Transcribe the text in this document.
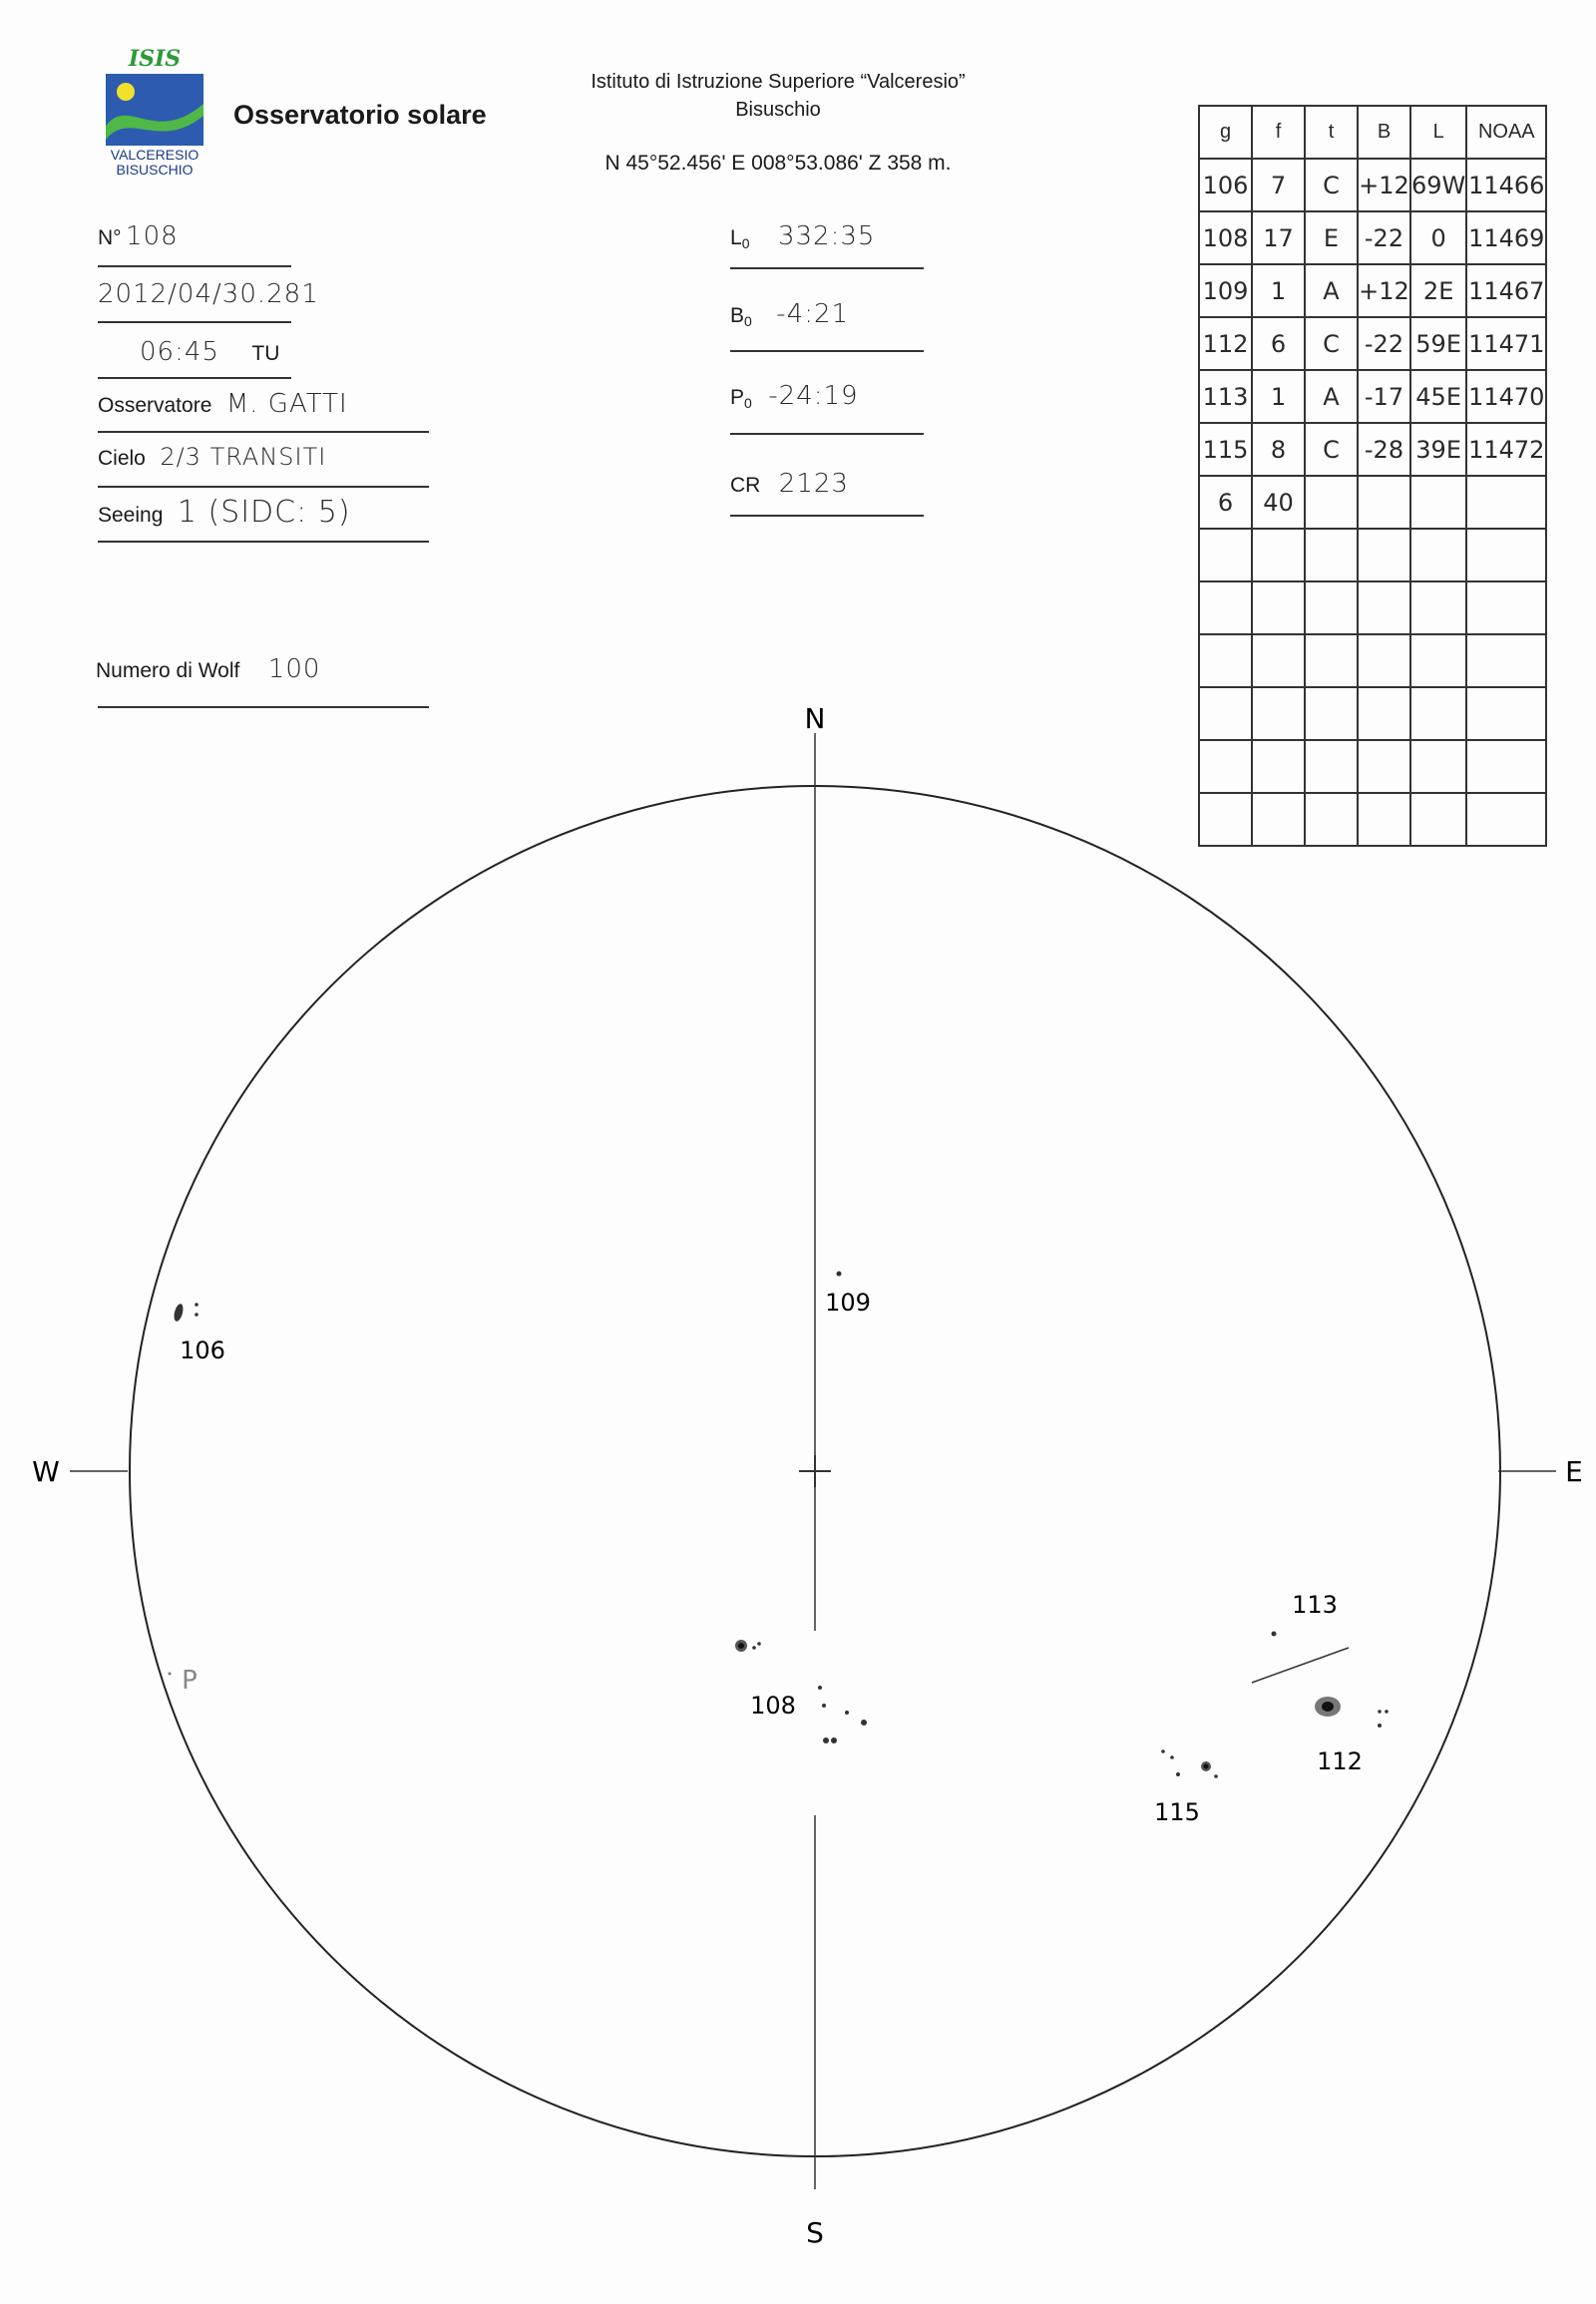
ISIS
VALCERESIO
BISUSCHIO
Osservatorio solare
Istituto di Istruzione Superiore “Valceresio”
Bisuschio
N 45°52.456' E 008°53.086' Z 358 m.
N° 108
2012/04/30.281
06:45 TU
Osservatore M. GATTI
Cielo 2/3 TRANSITI
Seeing 1 (SIDC: 5)
Numero di Wolf 100
$L_0$ 332:35
$B_0$ -4:21
$P_0$ -24:19
CR 2123
g	f	t	B	L	NOAA
106	7	C	+12	69W	11466
108	17	E	-22	0	11469
109	1	A	+12	2E	11467
112	6	C	-22	59E	11471
113	1	A	-17	45E	11470
115	8	C	-28	39E	11472
6	40				

N
S
W	E
P
106
109
108
113
112
115
